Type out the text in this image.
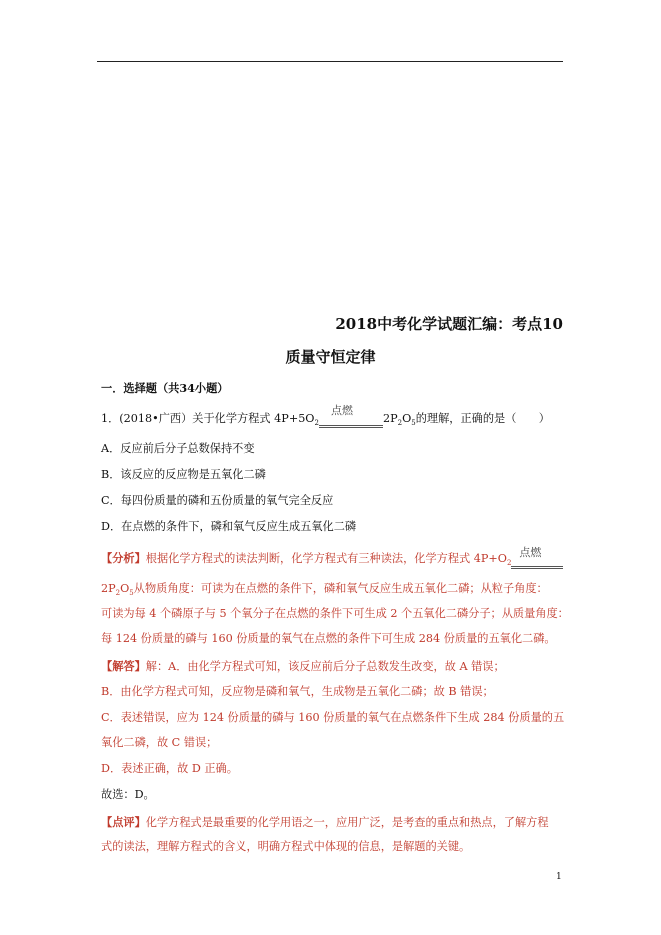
2018中考化学试题汇编：考点10
质量守恒定律
一．选择题（共34小题）
1．(2018•广西）关于化学方程式 $4P+5O_2$
点燃
$2P_2O_5$的理解，正确的是（　　）
A．反应前后分子总数保持不变
B．该反应的反应物是五氧化二磷
C．每四份质量的磷和五份质量的氧气完全反应
D．在点燃的条件下，磷和氧气反应生成五氧化二磷
【分析】根据化学方程式的读法判断，化学方程式有三种读法，化学方程式 $4P+O_2$
点燃
$2P_2O_5$从物质角度：可读为在点燃的条件下，磷和氧气反应生成五氧化二磷；从粒子角度：
可读为每 4 个磷原子与 5 个氧分子在点燃的条件下可生成 2 个五氧化二磷分子；从质量角度：
每 124 份质量的磷与 160 份质量的氧气在点燃的条件下可生成 284 份质量的五氧化二磷。
【解答】解：A．由化学方程式可知，该反应前后分子总数发生改变，故 A 错误；
B．由化学方程式可知，反应物是磷和氧气，生成物是五氧化二磷；故 B 错误；
C．表述错误，应为 124 份质量的磷与 160 份质量的氧气在点燃条件下生成 284 份质量的五
氧化二磷，故 C 错误；
D．表述正确，故 D 正确。
故选：D。
【点评】化学方程式是最重要的化学用语之一，应用广泛，是考查的重点和热点，了解方程
式的读法，理解方程式的含义，明确方程式中体现的信息，是解题的关键。
1
